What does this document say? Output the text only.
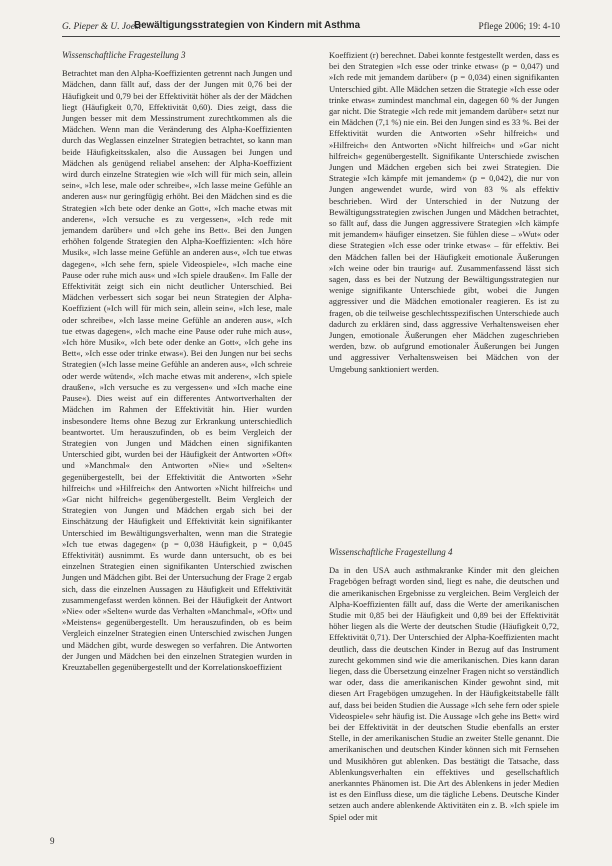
G. Pieper & U. Joest
Bewältigungsstrategien von Kindern mit Asthma	Pflege 2006; 19: 4-10
Wissenschaftliche Fragestellung 3

Betrachtet man den Alpha-Koeffizienten getrennt nach Jungen und Mädchen, dann fällt auf, dass der der Jungen mit 0,76 bei der Häufigkeit und 0,79 bei der Effektivität höher als der der Mädchen liegt (Häufigkeit 0,70, Effektivität 0,60). Dies zeigt, dass die Jungen besser mit dem Messinstrument zurechtkommen als die Mädchen. Wenn man die Veränderung des Alpha-Koeffizienten durch das Weglassen einzelner Strategien betrachtet, so kann man beide Häufigkeitsskalen, also die Aussagen bei Jungen und Mädchen als genügend reliabel ansehen: der Alpha-Koeffizient wird durch einzelne Strategien wie »Ich will für mich sein, allein sein«, »Ich lese, male oder schreibe«, »Ich lasse meine Gefühle an anderen aus« nur geringfügig erhöht. Bei den Mädchen sind es die Strategien »Ich bete oder denke an Gott«, »Ich mache etwas mit anderen«, »Ich versuche es zu vergessen«, »Ich rede mit jemandem darüber« und »Ich gehe ins Bett«. Bei den Jungen erhöhen folgende Strategien den Alpha-Koeffizienten: »Ich höre Musik«, »Ich lasse meine Gefühle an anderen aus«, »Ich tue etwas dagegen«, »Ich sehe fern, spiele Videospiele«, »Ich mache eine Pause oder ruhe mich aus« und »Ich spiele draußen«. Im Falle der Effektivität zeigt sich ein nicht deutlicher Unterschied. Bei Mädchen verbessert sich sogar bei neun Strategien der Alpha-Koeffizient (»Ich will für mich sein, allein sein«, »Ich lese, male oder schreibe«, »Ich lasse meine Gefühle an anderen aus«, »Ich tue etwas dagegen«, »Ich mache eine Pause oder ruhe mich aus«, »Ich höre Musik«, »Ich bete oder denke an Gott«, »Ich gehe ins Bett«, »Ich esse oder trinke etwas«). Bei den Jungen nur bei sechs Strategien (»Ich lasse meine Gefühle an anderen aus«, »Ich schreie oder werde wütend«, »Ich mache etwas mit anderen«, »Ich spiele draußen«, »Ich versuche es zu vergessen« und »Ich mache eine Pause«). Dies weist auf ein differentes Antwortverhalten der Mädchen im Rahmen der Effektivität hin. Hier wurden insbesondere Items ohne Bezug zur Erkrankung unterschiedlich beantwortet. Um herauszufinden, ob es beim Vergleich der Strategien von Jungen und Mädchen einen signifikanten Unterschied gibt, wurden bei der Häufigkeit der Antworten »Oft« und »Manchmal« den Antworten »Nie« und »Selten« gegenübergestellt, bei der Effektivität die Antworten »Sehr hilfreich« und »Hilfreich« den Antworten »Nicht hilfreich« und »Gar nicht hilfreich« gegenübergestellt. Beim Vergleich der Strategien von Jungen und Mädchen ergab sich bei der Einschätzung der Häufigkeit und Effektivität kein signifikanter Unterschied im Bewältigungsverhalten, wenn man die Strategie »Ich tue etwas dagegen« (p = 0,038 Häufigkeit, p = 0,045 Effektivität) ausnimmt. Es wurde dann untersucht, ob es bei einzelnen Strategien einen signifikanten Unterschied zwischen Jungen und Mädchen gibt. Bei der Untersuchung der Frage 2 ergab sich, dass die einzelnen Aussagen zu Häufigkeit und Effektivität zusammengefasst werden können. Bei der Häufigkeit der Antwort »Nie« oder »Selten« wurde das Verhalten »Manchmal«, »Oft« und »Meistens« gegenübergestellt. Um herauszufinden, ob es beim Vergleich einzelner Strategien einen Unterschied zwischen Jungen und Mädchen gibt, wurde deswegen so verfahren. Die Antworten der Jungen und Mädchen bei den einzelnen Strategien wurden in Kreuztabellen gegenübergestellt und der Korrelationskoeffizient

Koeffizient (r) berechnet. Dabei konnte festgestellt werden, dass es bei den Strategien »Ich esse oder trinke etwas« (p = 0,047) und »Ich rede mit jemandem darüber« (p = 0,034) einen signifikanten Unterschied gibt. Alle Mädchen setzen die Strategie »Ich esse oder trinke etwas« zumindest manchmal ein, dagegen 60 % der Jungen gar nicht. Die Strategie »Ich rede mit jemandem darüber« setzt nur ein Mädchen (7,1 %) nie ein. Bei den Jungen sind es 33 %. Bei der Effektivität wurden die Antworten »Sehr hilfreich« und »Hilfreich« den Antworten »Nicht hilfreich« und »Gar nicht hilfreich« gegenübergestellt. Signifikante Unterschiede zwischen Jungen und Mädchen ergeben sich bei zwei Strategien. Die Strategie »Ich kämpfe mit jemandem« (p = 0,042), die nur von Jungen angewendet wurde, wird von 83 % als effektiv beschrieben. Wird der Unterschied in der Nutzung der Bewältigungsstrategien zwischen Jungen und Mädchen betrachtet, so fällt auf, dass die Jungen aggressivere Strategien »Ich kämpfe mit jemandem« häufiger einsetzen. Sie fühlen diese – »Wut« oder diese Strategien »Ich esse oder trinke etwas« – für effektiv. Bei den Mädchen fallen bei der Häufigkeit emotionale Äußerungen »Ich weine oder bin traurig« auf. Zusammenfassend lässt sich sagen, dass es bei der Nutzung der Bewältigungsstrategien nur wenige signifikante Unterschiede gibt, wobei die Jungen aggressiver und die Mädchen emotionaler reagieren. Es ist zu fragen, ob die teilweise geschlechtsspezifischen Unterschiede auch dadurch zu erklären sind, dass aggressive Verhaltensweisen eher Jungen, emotionale Äußerungen eher Mädchen zugeschrieben werden, bzw. ob aufgrund emotionaler Äußerungen bei Jungen und aggressiver Verhaltensweisen bei Mädchen von der Umgebung sanktioniert werden.

Wissenschaftliche Fragestellung 4

Da in den USA auch asthmakranke Kinder mit den gleichen Fragebögen befragt worden sind, liegt es nahe, die deutschen und die amerikanischen Ergebnisse zu vergleichen. Beim Vergleich der Alpha-Koeffizienten fällt auf, dass die Werte der amerikanischen Studie mit 0,85 bei der Häufigkeit und 0,89 bei der Effektivität höher liegen als die Werte der deutschen Studie (Häufigkeit 0,72, Effektivität 0,71). Der Unterschied der Alpha-Koeffizienten macht deutlich, dass die deutschen Kinder in Bezug auf das Instrument zurecht gekommen sind wie die amerikanischen. Dies kann daran liegen, dass die Übersetzung einzelner Fragen nicht so verständlich war oder, dass die amerikanischen Kinder gewohnt sind, mit diesen Art Fragebögen umzugehen. In der Häufigkeitstabelle fällt auf, dass bei beiden Studien die Aussage »Ich sehe fern oder spiele Videospiele« sehr häufig ist. Die Aussage »Ich gehe ins Bett« wird bei der Effektivität in der deutschen Studie ebenfalls an erster Stelle, in der amerikanischen Studie an zweiter Stelle genannt. Die amerikanischen und deutschen Kinder können sich mit Fernsehen und Musikhören gut ablenken. Das bestätigt die Tatsache, dass Ablenkungsverhalten ein effektives und gesellschaftlich anerkanntes Phänomen ist. Die Art des Ablenkens in jeder Medien ist es den Einfluss diese, um die tägliche Lebens. Deutsche Kinder setzen auch andere ablenkende Aktivitäten ein z. B. »Ich spiele im Spiel oder mit

9
